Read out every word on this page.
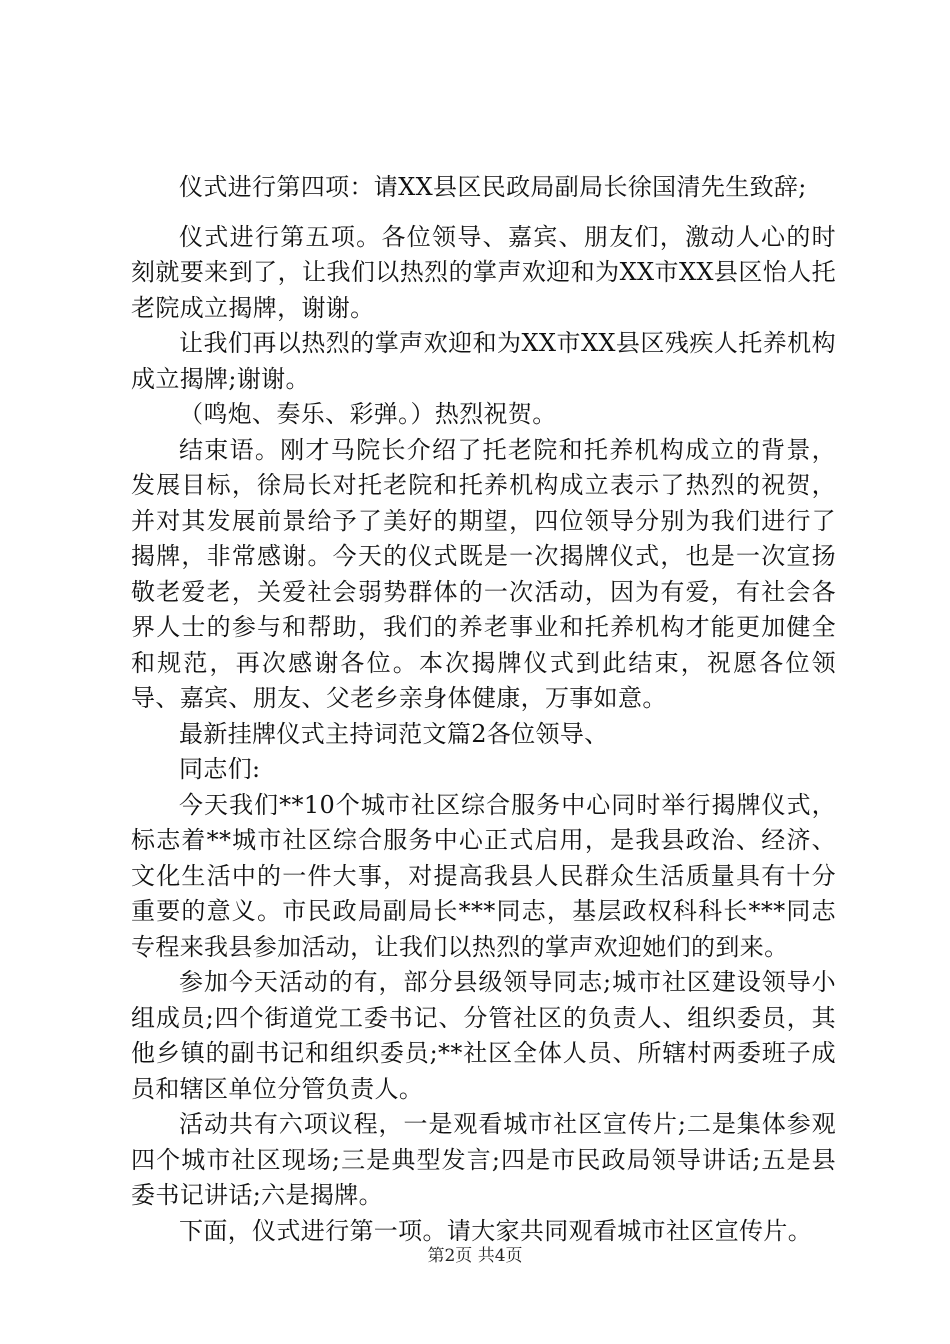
仪式进行第四项：请XX县区民政局副局长徐国清先生致辞;

仪式进行第五项。各位领导、嘉宾、朋友们，激动人心的时刻就要来到了，让我们以热烈的掌声欢迎和为XX市XX县区怡人托老院成立揭牌，谢谢。

让我们再以热烈的掌声欢迎和为XX市XX县区残疾人托养机构成立揭牌;谢谢。

（鸣炮、奏乐、彩弹。）热烈祝贺。

结束语。刚才马院长介绍了托老院和托养机构成立的背景，发展目标，徐局长对托老院和托养机构成立表示了热烈的祝贺，并对其发展前景给予了美好的期望，四位领导分别为我们进行了揭牌，非常感谢。今天的仪式既是一次揭牌仪式，也是一次宣扬敬老爱老，关爱社会弱势群体的一次活动，因为有爱，有社会各界人士的参与和帮助，我们的养老事业和托养机构才能更加健全和规范，再次感谢各位。本次揭牌仪式到此结束，祝愿各位领导、嘉宾、朋友、父老乡亲身体健康，万事如意。

最新挂牌仪式主持词范文篇2各位领导、

同志们:

今天我们**10个城市社区综合服务中心同时举行揭牌仪式，标志着**城市社区综合服务中心正式启用，是我县政治、经济、文化生活中的一件大事，对提高我县人民群众生活质量具有十分重要的意义。市民政局副局长***同志，基层政权科科长***同志专程来我县参加活动，让我们以热烈的掌声欢迎她们的到来。

参加今天活动的有，部分县级领导同志;城市社区建设领导小组成员;四个街道党工委书记、分管社区的负责人、组织委员，其他乡镇的副书记和组织委员;**社区全体人员、所辖村两委班子成员和辖区单位分管负责人。

活动共有六项议程，一是观看城市社区宣传片;二是集体参观四个城市社区现场;三是典型发言;四是市民政局领导讲话;五是县委书记讲话;六是揭牌。

下面，仪式进行第一项。请大家共同观看城市社区宣传片。

第2页 共4页
